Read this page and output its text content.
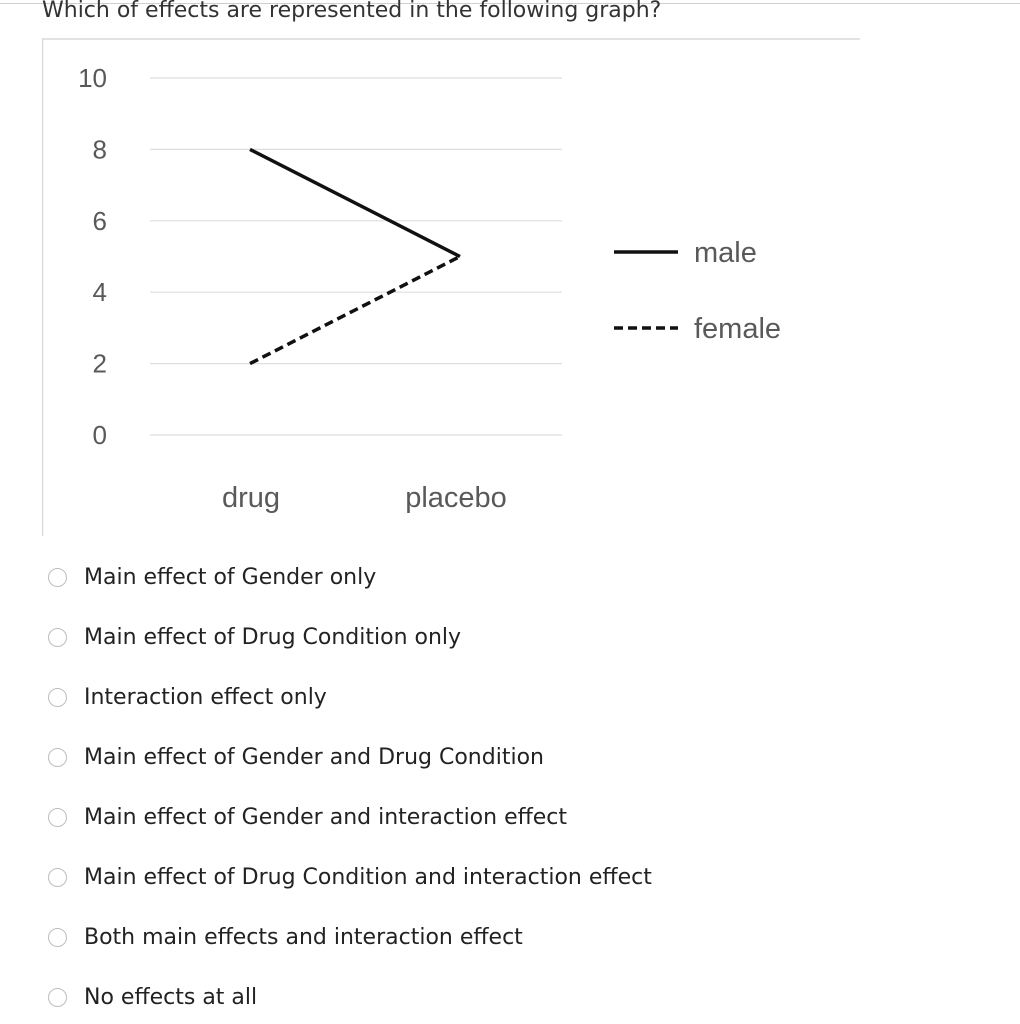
Which of effects are represented in the following graph?
0
2
4
6
8
10
drug	placebo
male
female
Main effect of Gender only
Main effect of Drug Condition only
Interaction effect only
Main effect of Gender and Drug Condition
Main effect of Gender and interaction effect
Main effect of Drug Condition and interaction effect
Both main effects and interaction effect
No effects at all
